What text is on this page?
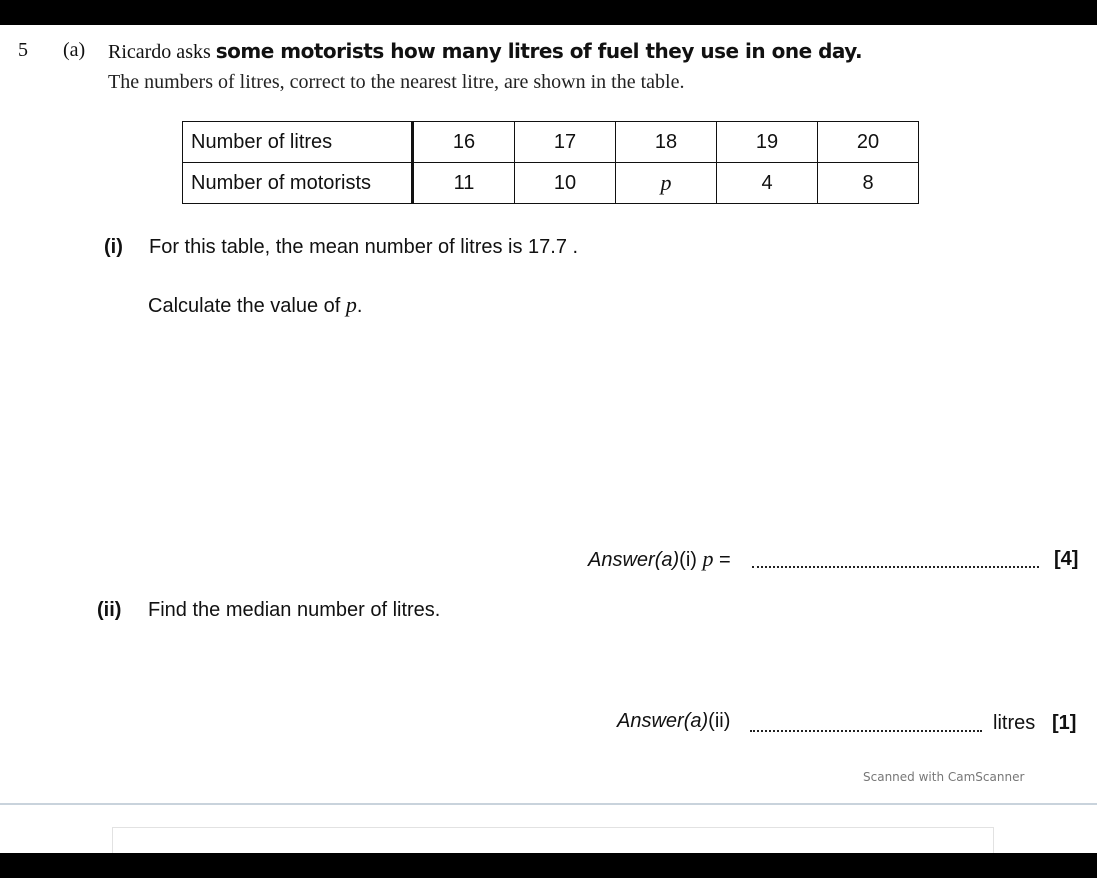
5 (a) Ricardo asks some motorists how many litres of fuel they use in one day.
The numbers of litres, correct to the nearest litre, are shown in the table.
Number of litres	16	17	18	19	20
Number of motorists	11	10	p	4	8
(i) For this table, the mean number of litres is 17.7 .
Calculate the value of p.
Answer(a)(i) p =	[4]
(ii) Find the median number of litres.
Answer(a)(ii)	litres [1]
Scanned with CamScanner
